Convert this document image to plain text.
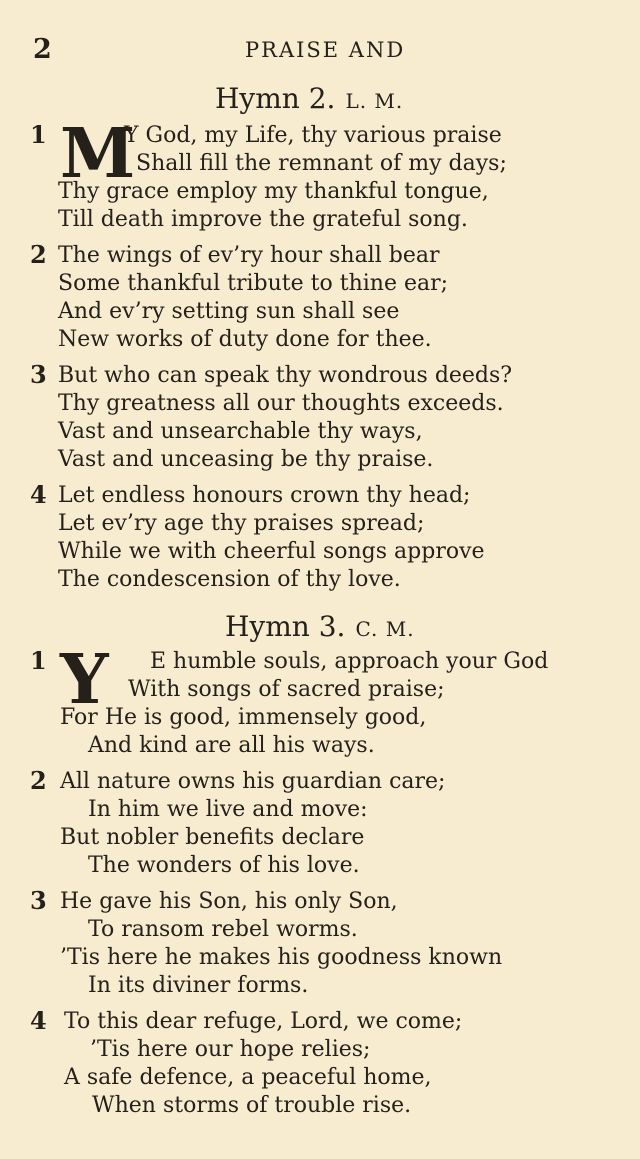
2	PRAISE AND
Hymn 2. L. M.
1 M
Y God, my Life, thy various praise
Shall fill the remnant of my days;
Thy grace employ my thankful tongue,
Till death improve the grateful song.
2 The wings of ev’ry hour shall bear
Some thankful tribute to thine ear;
And ev’ry setting sun shall see
New works of duty done for thee.
3 But who can speak thy wondrous deeds?
Thy greatness all our thoughts exceeds.
Vast and unsearchable thy ways,
Vast and unceasing be thy praise.
4 Let endless honours crown thy head;
Let ev’ry age thy praises spread;
While we with cheerful songs approve
The condescension of thy love.
Hymn 3. C. M.
1 Y E humble souls, approach your God
With songs of sacred praise;
For He is good, immensely good,
And kind are all his ways.
2 All nature owns his guardian care;
In him we live and move:
But nobler benefits declare
The wonders of his love.
3 He gave his Son, his only Son,
To ransom rebel worms.
’Tis here he makes his goodness known
In its diviner forms.
4 To this dear refuge, Lord, we come;
’Tis here our hope relies;
A safe defence, a peaceful home,
When storms of trouble rise.
